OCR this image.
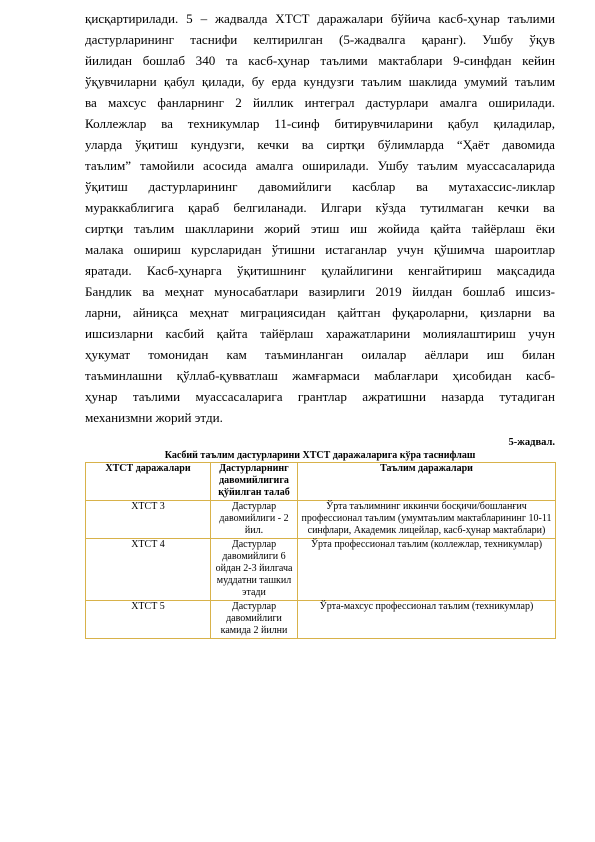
қисқартирилади. 5 – жадвалда ХТСТ даражалари бўйича касб-ҳунар таълими
дастурларининг таснифи келтирилган (5-жадвалга қаранг). Ушбу ўқув
йилидан бошлаб 340 та касб-ҳунар таълими мактаблари 9-синфдан кейин
ўқувчиларни қабул қилади, бу ерда кундузги таълим шаклида умумий таълим
ва махсус фанларнинг 2 йиллик интеграл дастурлари амалга оширилади.
Коллежлар ва техникумлар 11-синф битирувчиларини қабул қиладилар,
уларда ўқитиш кундузги, кечки ва сиртқи бўлимларда “Ҳаёт давомида
таълим” тамойили асосида амалга оширилади. Ушбу таълим муассасаларида
ўқитиш дастурларининг давомийлиги касблар ва мутахассис-ликлар
мураккаблигига қараб белгиланади. Илгари кўзда тутилмаган кечки ва
сиртқи таълим шаклларини жорий этиш иш жойида қайта тайёрлаш ёки
малака ошириш курсларидан ўтишни истаганлар учун қўшимча шароитлар
яратади. Касб-ҳунарга ўқитишнинг қулайлигини кенгайтириш мақсадида
Бандлик ва меҳнат муносабатлари вазирлиги 2019 йилдан бошлаб ишсиз-
ларни, айниқса меҳнат миграциясидан қайтган фуқароларни, қизларни ва
ишсизларни касбий қайта тайёрлаш харажатларини молиялаштириш учун
ҳукумат томонидан кам таъминланган оилалар аёллари иш билан
таъминлашни қўллаб-қувватлаш жамғармаси маблағлари ҳисобидан касб-
ҳунар таълими муассасаларига грантлар ажратишни назарда тутадиган
механизмни жорий этди.

5-жадвал.
Касбий таълим дастурларини ХТСТ даражаларига кўра таснифлаш
ХТСТ даражалари	Дастурларнинг давомийлигига қўйилган талаб	Таълим даражалари
ХТСТ 3	Дастурлар давомийлиги - 2 йил.	Ўрта таълимнинг иккинчи босқичи/бошланғич профессионал таълим (умумтаълим мактабларининг 10-11 синфлари, Академик лицейлар, касб-ҳунар мактаблари)
ХТСТ 4	Дастурлар давомийлиги 6 ойдан 2-3 йилгача муддатни ташкил этади	Ўрта профессионал таълим (коллежлар, техникумлар)
ХТСТ 5	Дастурлар давомийлиги камида 2 йилни	Ўрта-махсус профессионал таълим (техникумлар)
